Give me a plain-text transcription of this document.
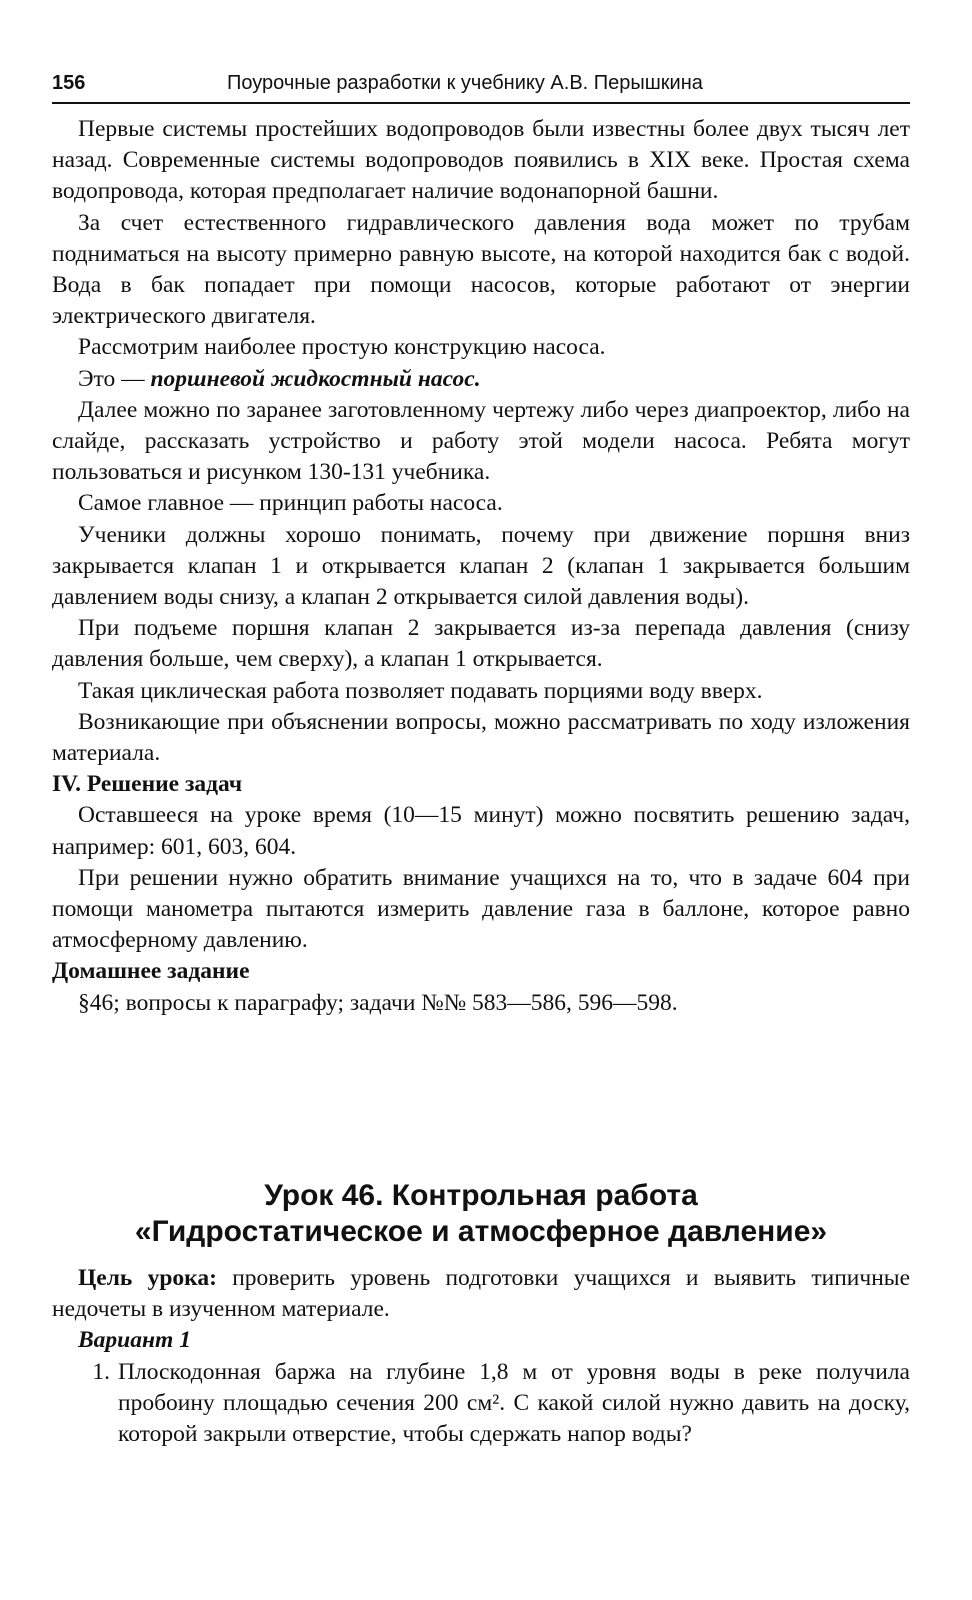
156	Поурочные разработки к учебнику А.В. Перышкина

Первые системы простейших водопроводов были известны более двух тысяч лет назад. Современные системы водопроводов появились в XIX веке. Простая схема водопровода, которая предполагает наличие водонапорной башни.

За счет естественного гидравлического давления вода может по трубам подниматься на высоту примерно равную высоте, на которой находится бак с водой. Вода в бак попадает при помощи насосов, которые работают от энергии электрического двигателя.

Рассмотрим наиболее простую конструкцию насоса.

Это — поршневой жидкостный насос.

Далее можно по заранее заготовленному чертежу либо через диапроектор, либо на слайде, рассказать устройство и работу этой модели насоса. Ребята могут пользоваться и рисунком 130-131 учебника.

Самое главное — принцип работы насоса.

Ученики должны хорошо понимать, почему при движение поршня вниз закрывается клапан 1 и открывается клапан 2 (клапан 1 закрывается большим давлением воды снизу, а клапан 2 открывается силой давления воды).

При подъеме поршня клапан 2 закрывается из-за перепада давления (снизу давления больше, чем сверху), а клапан 1 открывается.

Такая циклическая работа позволяет подавать порциями воду вверх.

Возникающие при объяснении вопросы, можно рассматривать по ходу изложения материала.

IV. Решение задач

Оставшееся на уроке время (10—15 минут) можно посвятить решению задач, например: 601, 603, 604.

При решении нужно обратить внимание учащихся на то, что в задаче 604 при помощи манометра пытаются измерить давление газа в баллоне, которое равно атмосферному давлению.

Домашнее задание

§46; вопросы к параграфу; задачи №№ 583—586, 596—598.

Урок 46. Контрольная работа
«Гидростатическое и атмосферное давление»

Цель урока: проверить уровень подготовки учащихся и выявить типичные недочеты в изученном материале.

Вариант 1

1. Плоскодонная баржа на глубине 1,8 м от уровня воды в реке получила пробоину площадью сечения 200 см². С какой силой нужно давить на доску, которой закрыли отверстие, чтобы сдержать напор воды?
